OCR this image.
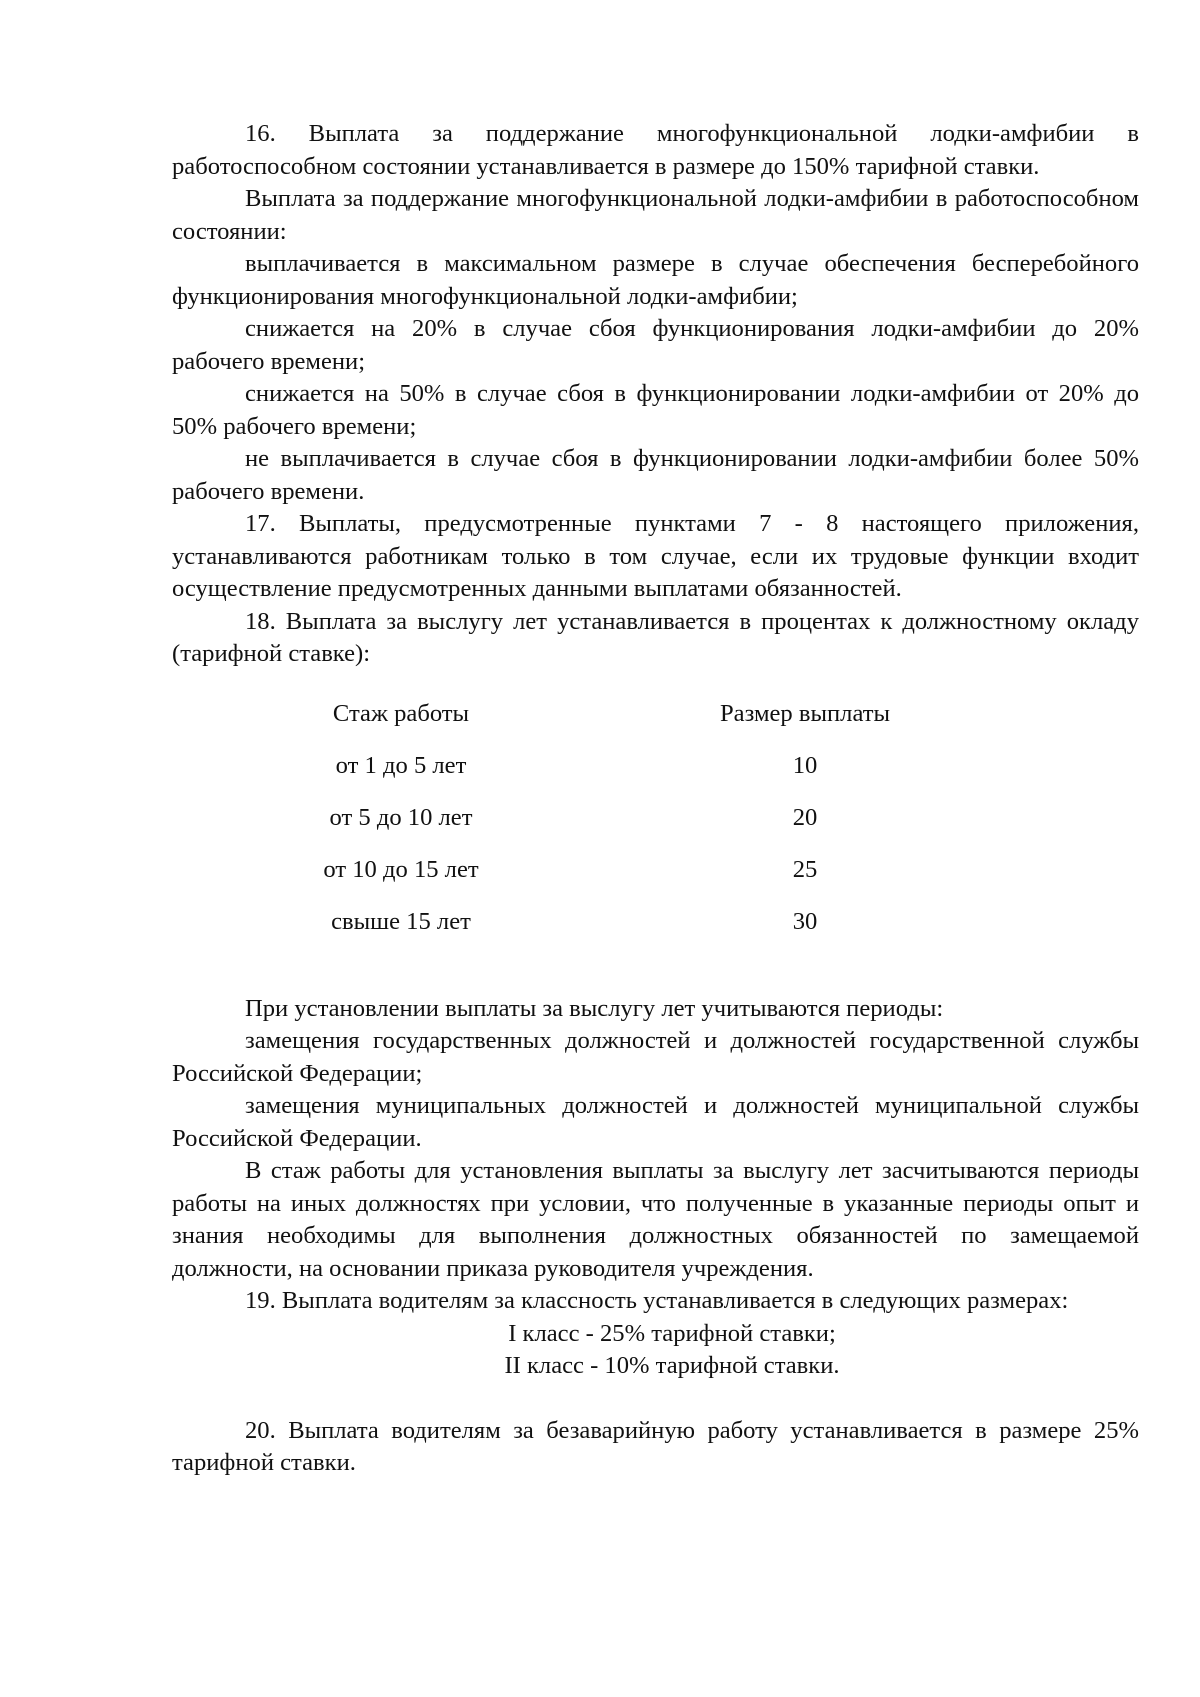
16. Выплата за поддержание многофункциональной лодки-амфибии в работоспособном состоянии устанавливается в размере до 150% тарифной ставки.

Выплата за поддержание многофункциональной лодки-амфибии в работоспособном состоянии:

выплачивается в максимальном размере в случае обеспечения бесперебойного функционирования многофункциональной лодки-амфибии;

снижается на 20% в случае сбоя функционирования лодки-амфибии до 20% рабочего времени;

снижается на 50% в случае сбоя в функционировании лодки-амфибии от 20% до 50% рабочего времени;

не выплачивается в случае сбоя в функционировании лодки-амфибии более 50% рабочего времени.

17. Выплаты, предусмотренные пунктами 7 - 8 настоящего приложения, устанавливаются работникам только в том случае, если их трудовые функции входит осуществление предусмотренных данными выплатами обязанностей.

18. Выплата за выслугу лет устанавливается в процентах к должностному окладу (тарифной ставке):

Стаж работы	Размер выплаты
от 1 до 5 лет	10
от 5 до 10 лет	20
от 10 до 15 лет	25
свыше 15 лет	30

При установлении выплаты за выслугу лет учитываются периоды:

замещения государственных должностей и должностей государственной службы Российской Федерации;

замещения муниципальных должностей и должностей муниципальной службы Российской Федерации.

В стаж работы для установления выплаты за выслугу лет засчитываются периоды работы на иных должностях при условии, что полученные в указанные периоды опыт и знания необходимы для выполнения должностных обязанностей по замещаемой должности, на основании приказа руководителя учреждения.

19. Выплата водителям за классность устанавливается в следующих размерах:

I класс - 25% тарифной ставки;

II класс - 10% тарифной ставки.

20. Выплата водителям за безаварийную работу устанавливается в размере 25% тарифной ставки.
